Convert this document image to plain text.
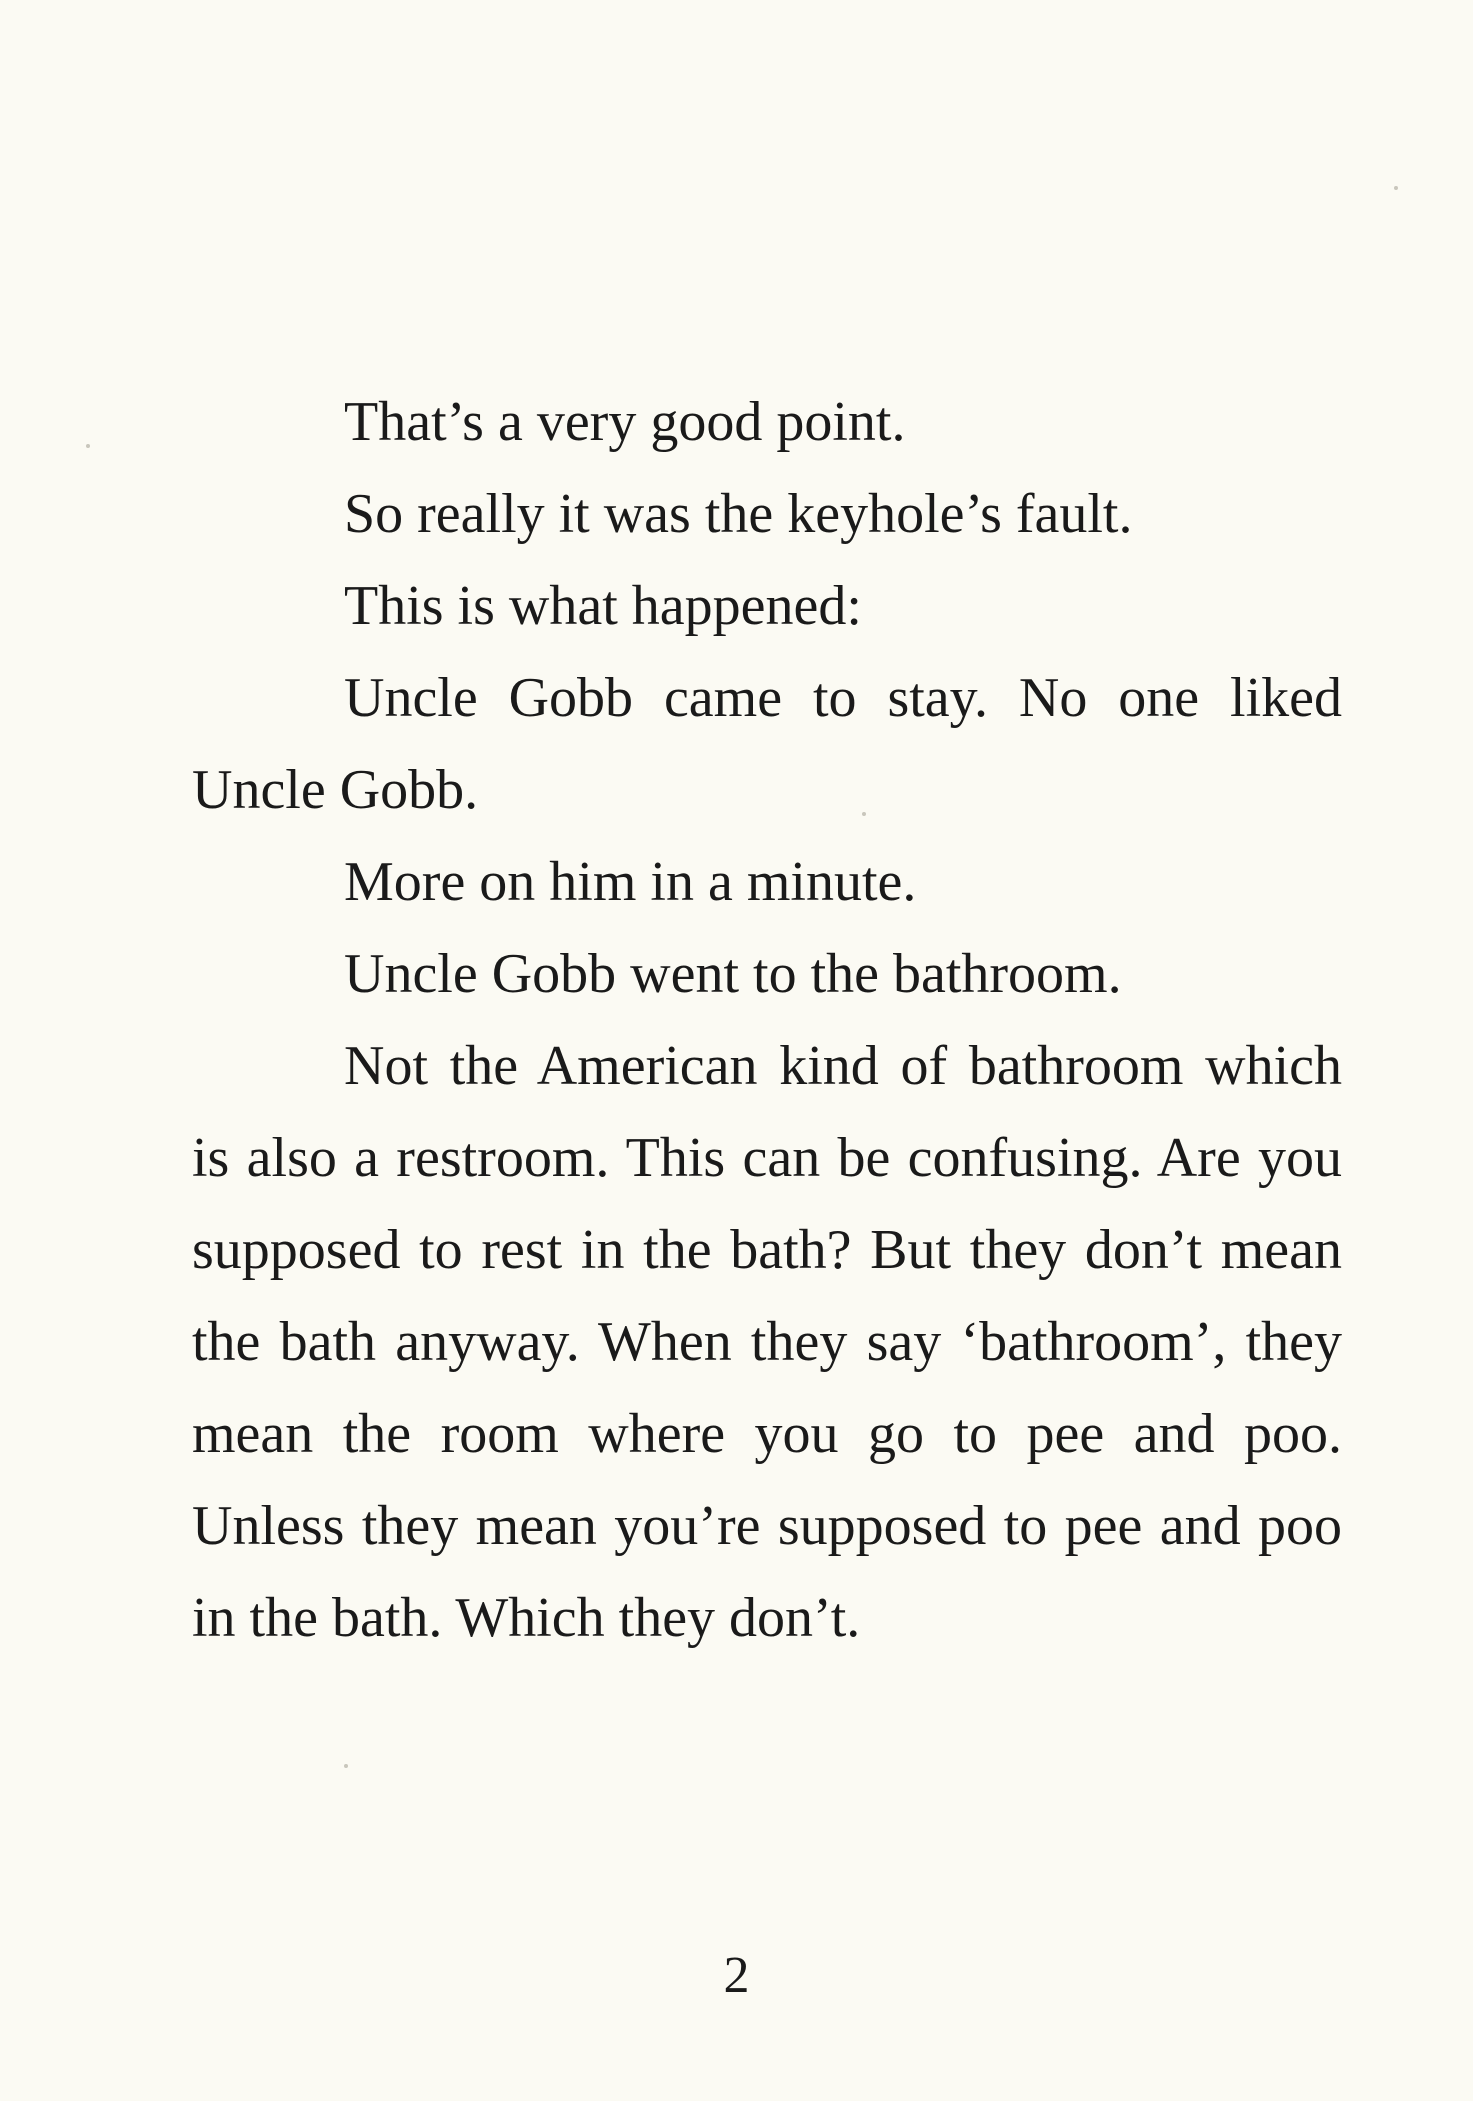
That’s a very good point.

So really it was the keyhole’s fault.

This is what happened:

Uncle Gobb came to stay. No one liked Uncle Gobb.

More on him in a minute.

Uncle Gobb went to the bathroom.

Not the American kind of bathroom which is also a restroom. This can be confusing. Are you supposed to rest in the bath? But they don’t mean the bath anyway. When they say ‘bathroom’, they mean the room where you go to pee and poo. Unless they mean you’re supposed to pee and poo in the bath. Which they don’t.

2
